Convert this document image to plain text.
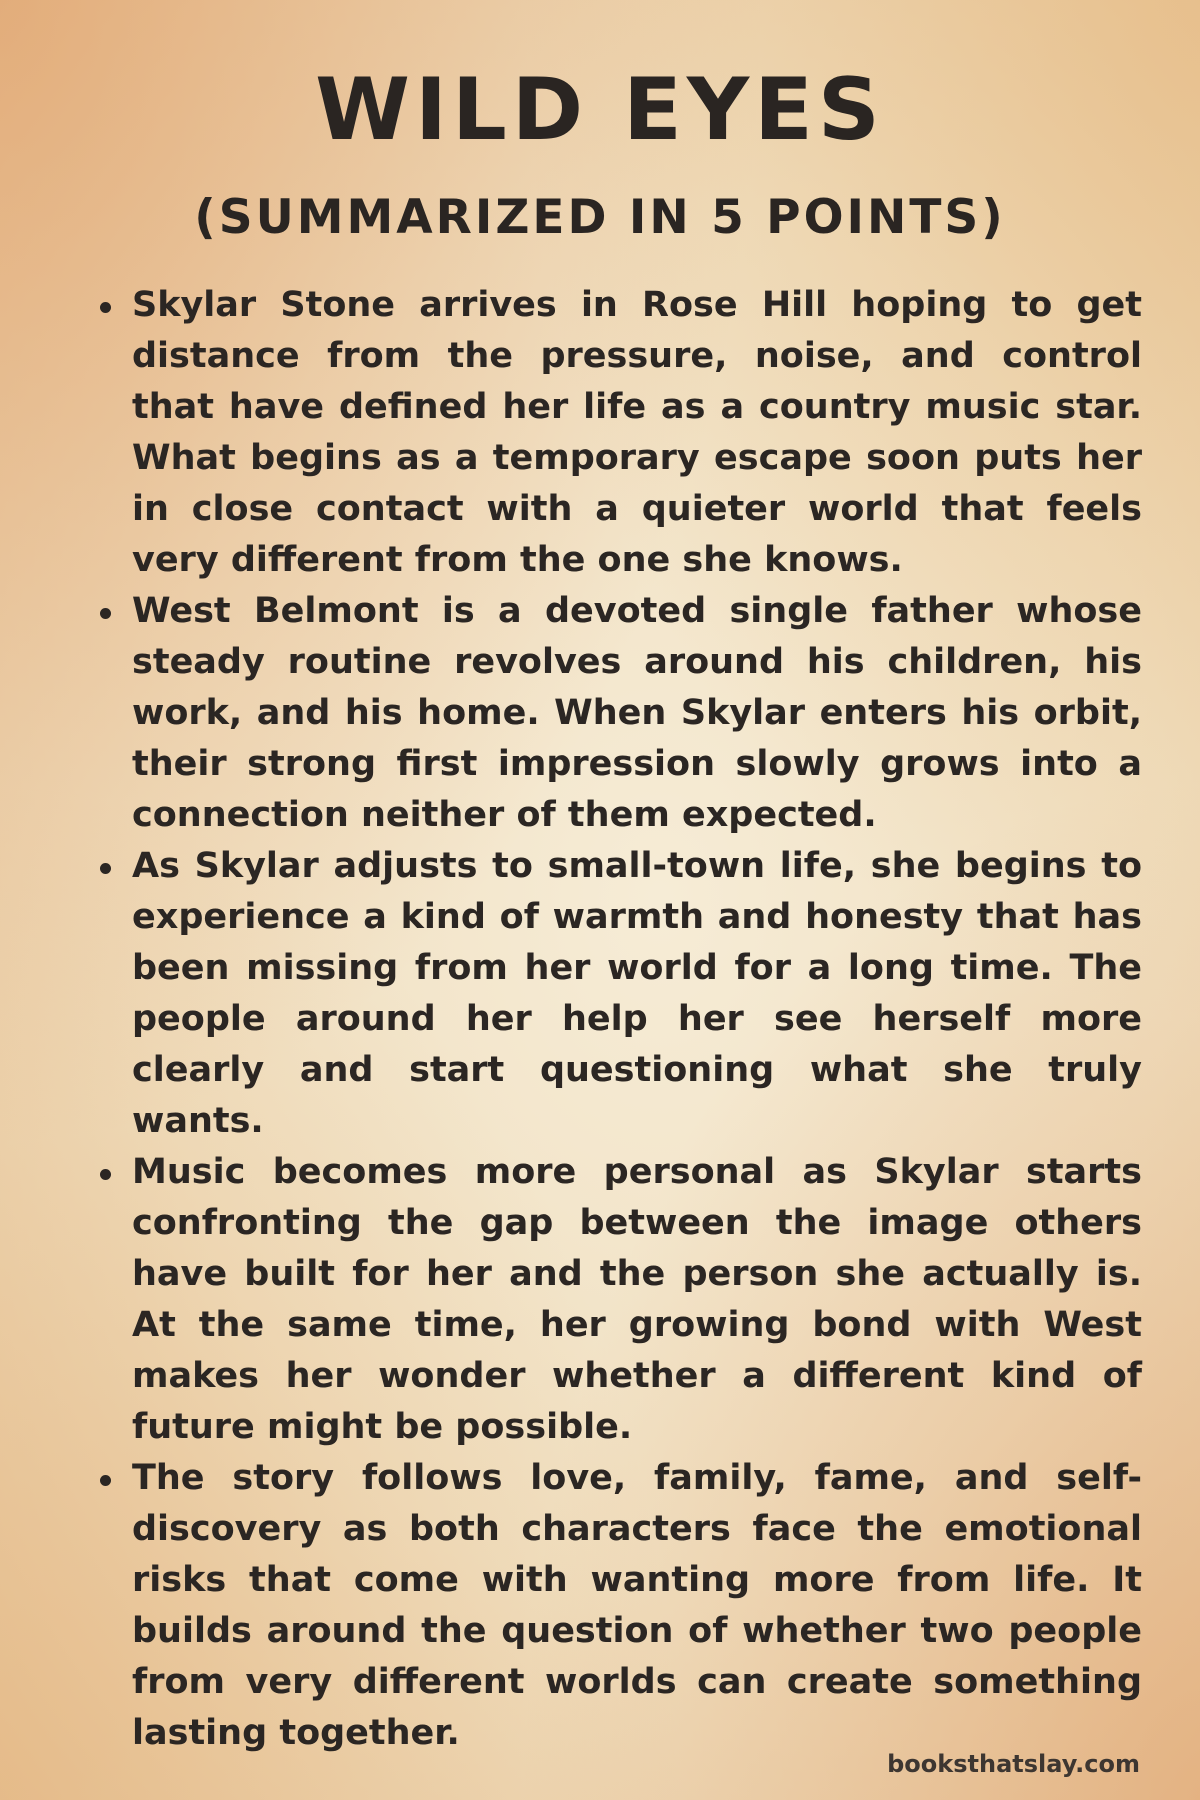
WILD EYES
(SUMMARIZED IN 5 POINTS)
Skylar Stone arrives in Rose Hill hoping to get distance from the pressure, noise, and control that have defined her life as a country music star. What begins as a temporary escape soon puts her in close contact with a quieter world that feels very different from the one she knows.
West Belmont is a devoted single father whose steady routine revolves around his children, his work, and his home. When Skylar enters his orbit, their strong first impression slowly grows into a connection neither of them expected.
As Skylar adjusts to small-town life, she begins to experience a kind of warmth and honesty that has been missing from her world for a long time. The people around her help her see herself more clearly and start questioning what she truly wants.
Music becomes more personal as Skylar starts confronting the gap between the image others have built for her and the person she actually is. At the same time, her growing bond with West makes her wonder whether a different kind of future might be possible.
The story follows love, family, fame, and self-discovery as both characters face the emotional risks that come with wanting more from life. It builds around the question of whether two people from very different worlds can create something lasting together.
booksthatslay.com
